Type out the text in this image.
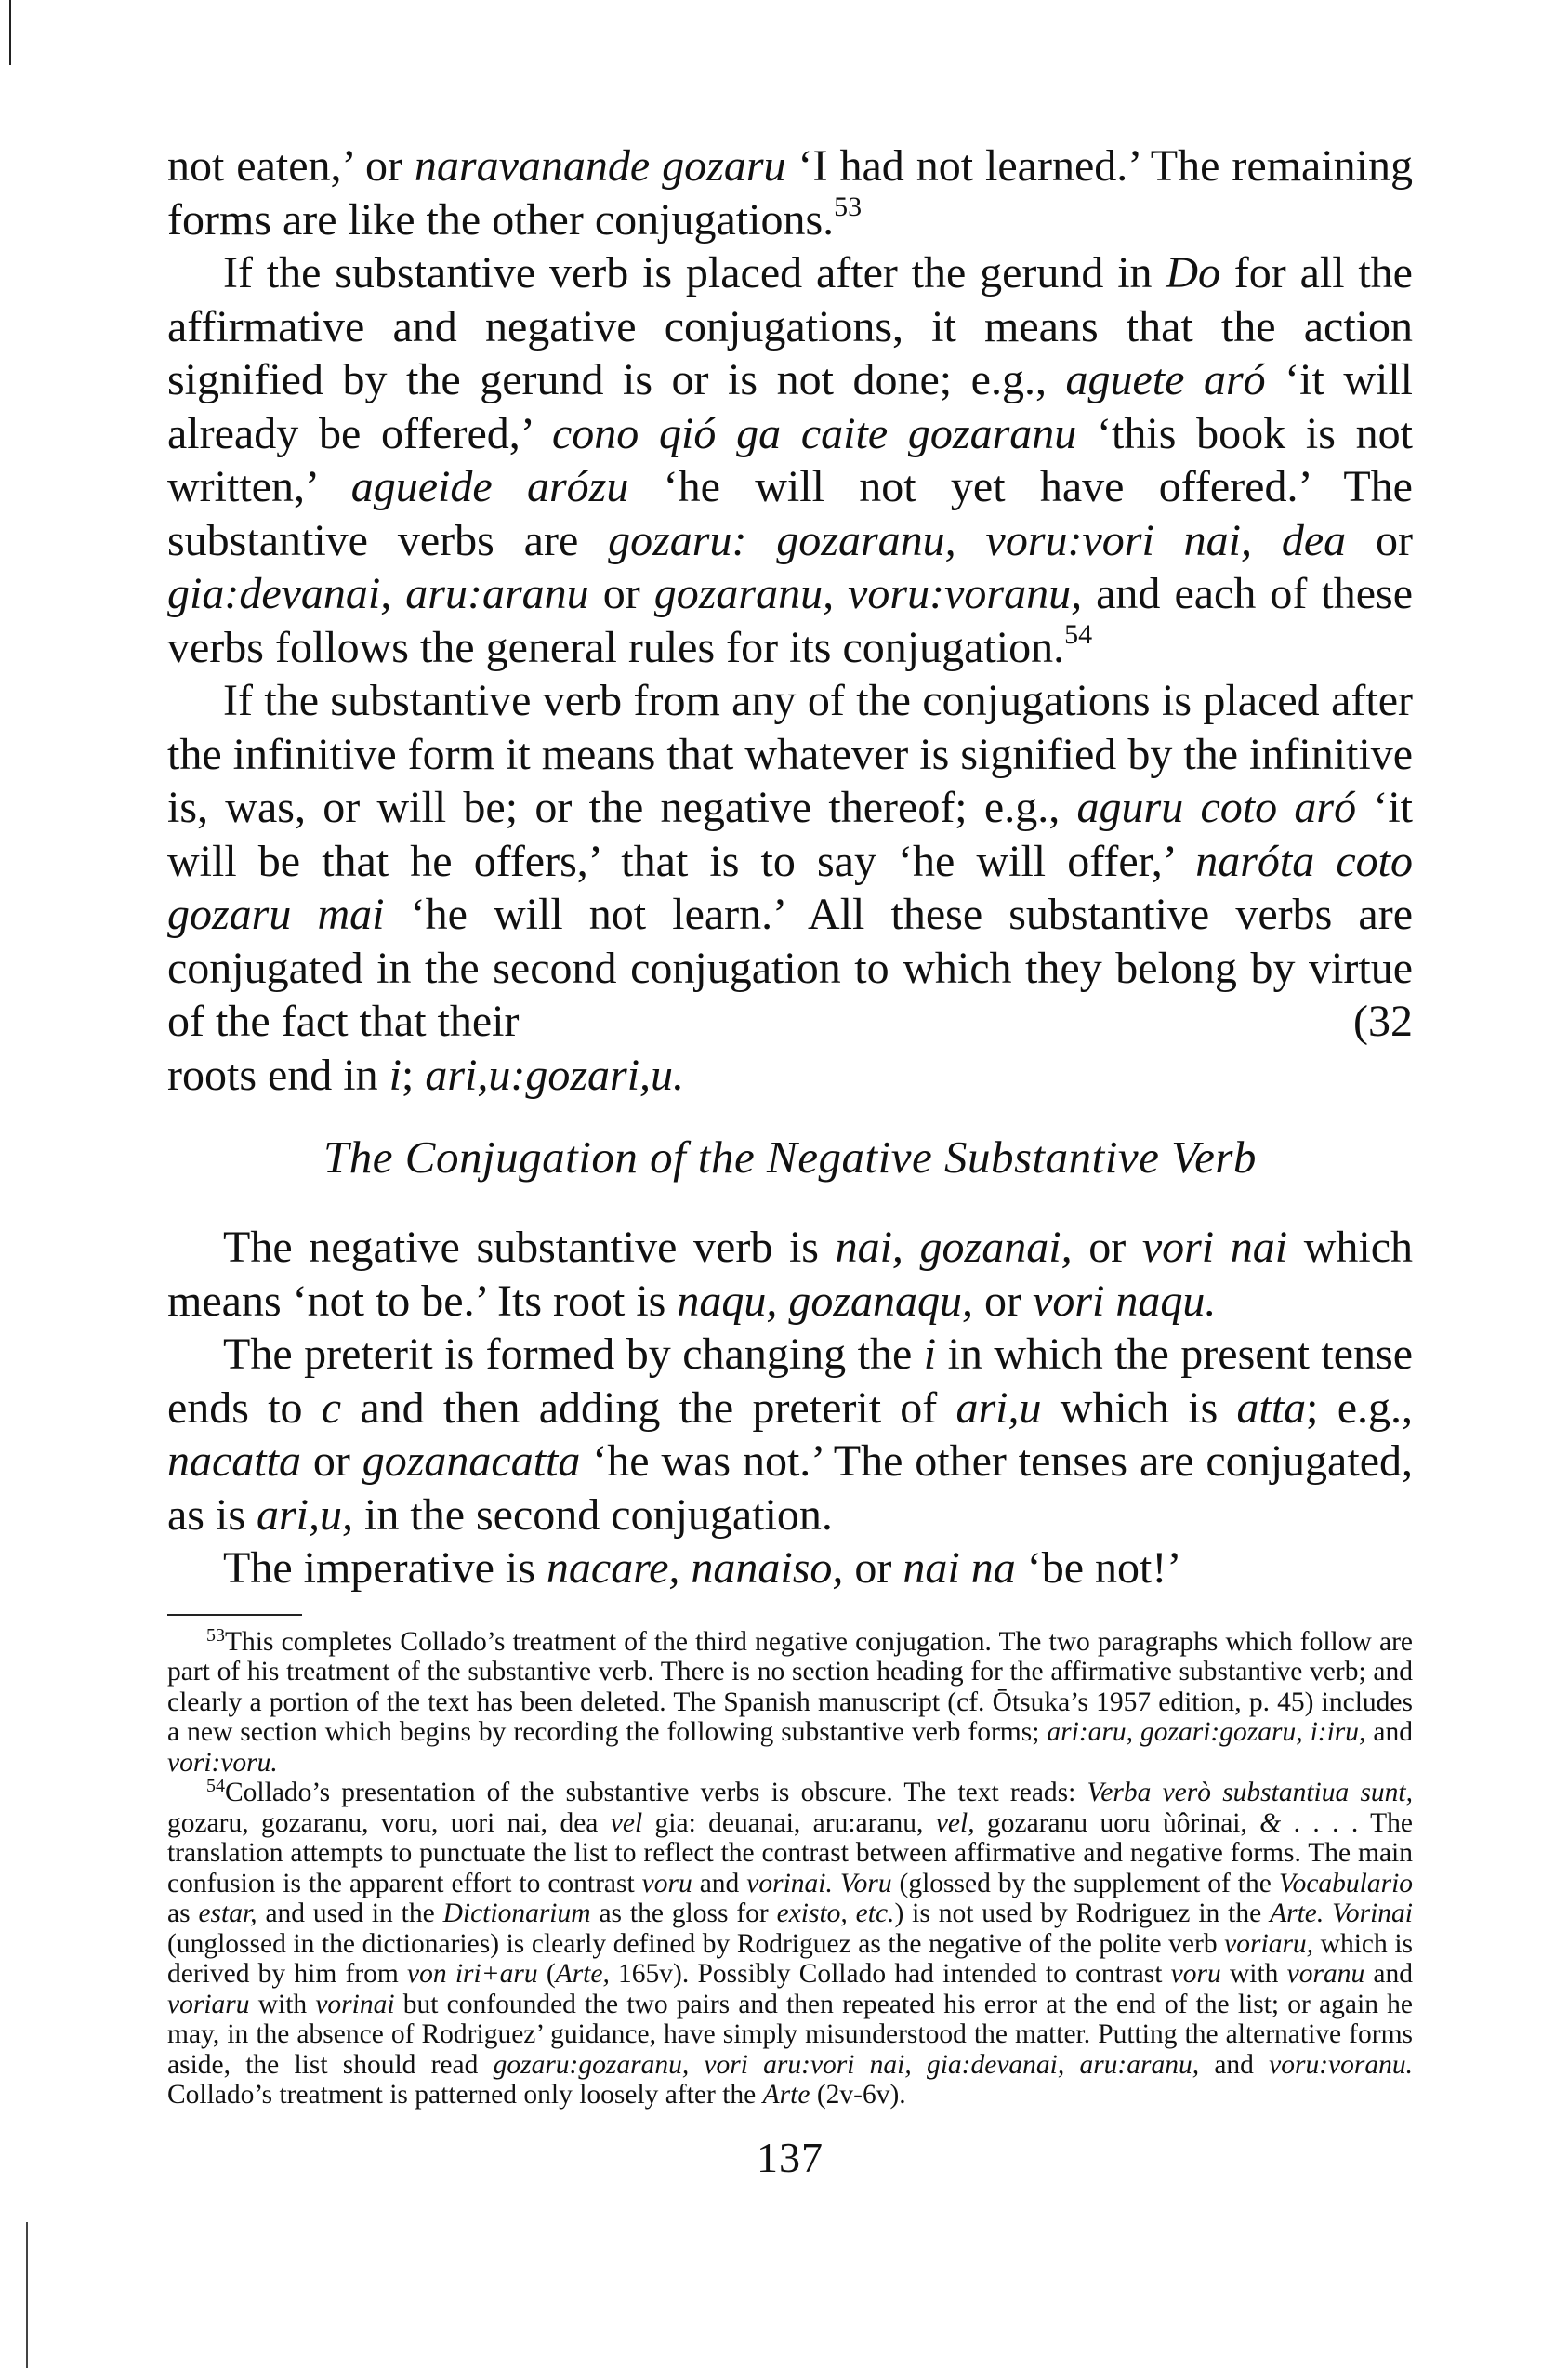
not eaten,’ or naravanande gozaru ‘I had not learned.’ The remaining forms are like the other conjugations.$^{53}$

If the substantive verb is placed after the gerund in Do for all the affirmative and negative conjugations, it means that the action signified by the gerund is or is not done; e.g., aguete aró ‘it will already be offered,’ cono qió ga caite gozaranu ‘this book is not written,’ agueide arózu ‘he will not yet have offered.’ The substantive verbs are gozaru: gozaranu, voru:vori nai, dea or gia:devanai, aru:aranu or gozaranu, voru:voranu, and each of these verbs follows the general rules for its conjugation.$^{54}$

If the substantive verb from any of the conjugations is placed after the infinitive form it means that whatever is signified by the infinitive is, was, or will be; or the negative thereof; e.g., aguru coto aró ‘it will be that he offers,’ that is to say ‘he will offer,’ naróta coto gozaru mai ‘he will not learn.’ All these substantive verbs are conjugated in the second conjugation to which they belong by virtue of the fact that their	(32

roots end in i; ari,u:gozari,u.

The Conjugation of the Negative Substantive Verb

The negative substantive verb is nai, gozanai, or vori nai which means ‘not to be.’ Its root is naqu, gozanaqu, or vori naqu.

The preterit is formed by changing the i in which the present tense ends to c and then adding the preterit of ari,u which is atta; e.g., nacatta or gozanacatta ‘he was not.’ The other tenses are conjugated, as is ari,u, in the second conjugation.

The imperative is nacare, nanaiso, or nai na ‘be not!’

$^{53}$This completes Collado’s treatment of the third negative conjugation. The two paragraphs which follow are part of his treatment of the substantive verb. There is no section heading for the affirmative substantive verb; and clearly a portion of the text has been deleted. The Spanish manuscript (cf. Ōtsuka’s 1957 edition, p. 45) includes a new section which begins by recording the following substantive verb forms; ari:aru, gozari:gozaru, i:iru, and vori:voru.

$^{54}$Collado’s presentation of the substantive verbs is obscure. The text reads: Verba verò substantiua sunt, gozaru, gozaranu, voru, uori nai, dea vel gia: deuanai, aru:aranu, vel, gozaranu uoru ùôrinai, & . . . . The translation attempts to punctuate the list to reflect the contrast between affirmative and negative forms. The main confusion is the apparent effort to contrast voru and vorinai. Voru (glossed by the supplement of the Vocabulario as estar, and used in the Dictionarium as the gloss for existo, etc.) is not used by Rodriguez in the Arte. Vorinai (unglossed in the dictionaries) is clearly defined by Rodriguez as the negative of the polite verb voriaru, which is derived by him from von iri+aru (Arte, 165v). Possibly Collado had intended to contrast voru with voranu and voriaru with vorinai but confounded the two pairs and then repeated his error at the end of the list; or again he may, in the absence of Rodriguez’ guidance, have simply misunderstood the matter. Putting the alternative forms aside, the list should read gozaru:gozaranu, vori aru:vori nai, gia:devanai, aru:aranu, and voru:voranu. Collado’s treatment is patterned only loosely after the Arte (2v-6v).

137
